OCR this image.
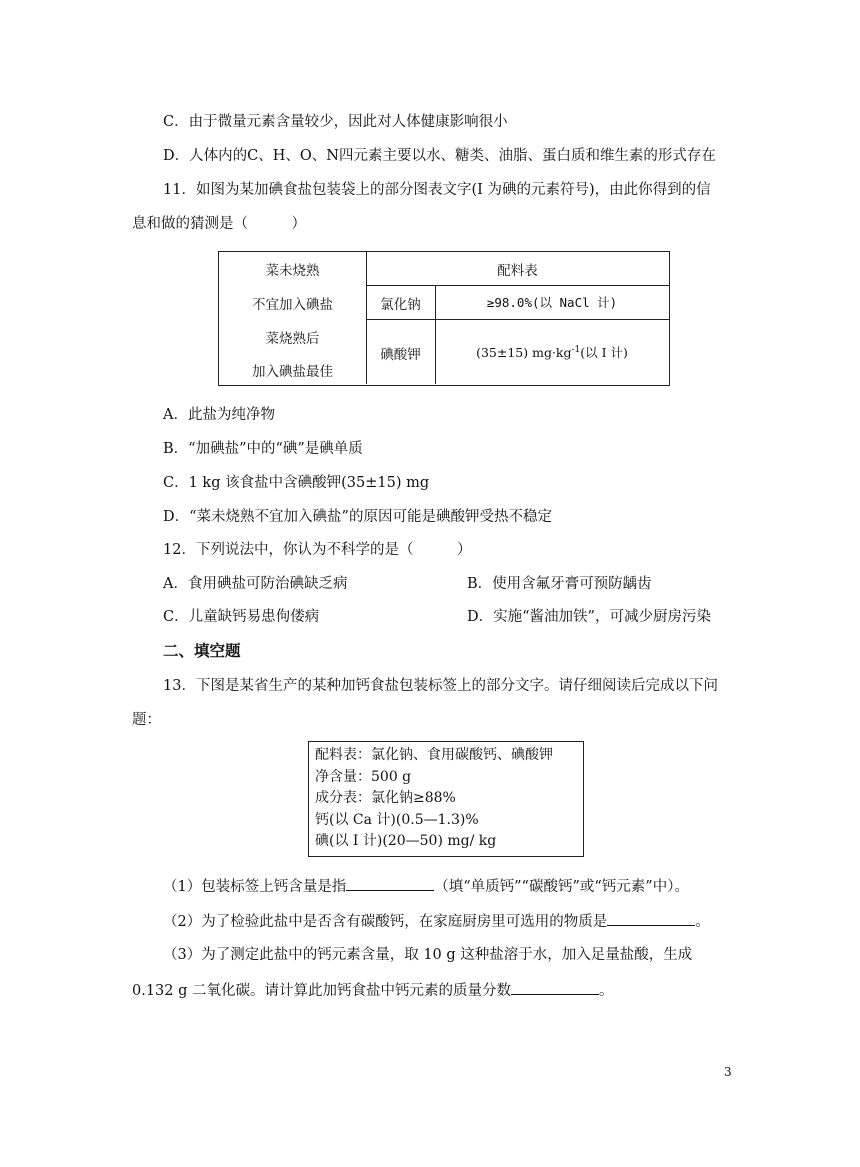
C．由于微量元素含量较少，因此对人体健康影响很小
D．人体内的C、H、O、N四元素主要以水、糖类、油脂、蛋白质和维生素的形式存在
11．如图为某加碘食盐包装袋上的部分图表文字(I 为碘的元素符号)，由此你得到的信
息和做的猜测是（　　　）
菜未烧熟
不宜加入碘盐
菜烧熟后
加入碘盐最佳
配料表
氯化钠	≥98.0%(以 NaCl 计)
碘酸钾	(35±15) $mg\cdot kg^{-1}$(以 I 计)
A．此盐为纯净物
B．“加碘盐”中的“碘”是碘单质
C．1 kg 该食盐中含碘酸钾(35±15) mg
D．“菜未烧熟不宜加入碘盐”的原因可能是碘酸钾受热不稳定
12．下列说法中，你认为不科学的是（　　　）
A．食用碘盐可防治碘缺乏病	B．使用含氟牙膏可预防龋齿
C．儿童缺钙易患佝偻病	D．实施“酱油加铁”，可减少厨房污染
二、填空题
13．下图是某省生产的某种加钙食盐包装标签上的部分文字。请仔细阅读后完成以下问
题：
配料表：氯化钠、食用碳酸钙、碘酸钾
净含量：500 g
成分表：氯化钠≥88%
钙(以 Ca 计)(0.5—1.3)%
碘(以 I 计)(20—50) mg/ kg
（1）包装标签上钙含量是指	（填“单质钙”“碳酸钙”或“钙元素”中）。
（2）为了检验此盐中是否含有碳酸钙，在家庭厨房里可选用的物质是	。
（3）为了测定此盐中的钙元素含量，取 10 g 这种盐溶于水，加入足量盐酸，生成
0.132 g 二氧化碳。请计算此加钙食盐中钙元素的质量分数	。
3
